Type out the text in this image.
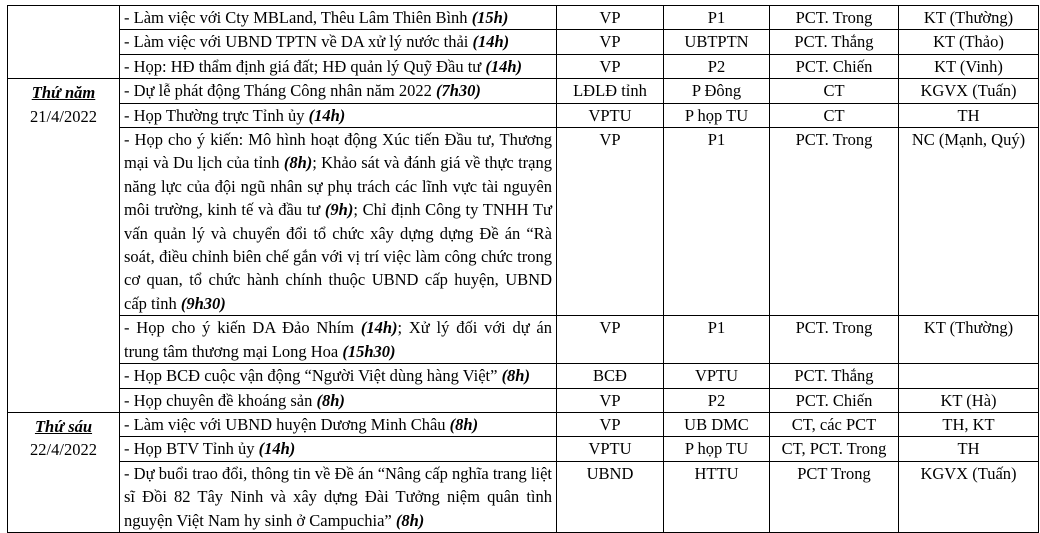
	- Làm việc với Cty MBLand, Thêu Lâm Thiên Bình (15h)	VP	P1	PCT. Trong	KT (Thường)

	- Làm việc với UBND TPTN về DA xử lý nước thải (14h)	VP	UBTPTN	PCT. Thắng	KT (Thảo)

	- Họp: HĐ thẩm định giá đất; HĐ quản lý Quỹ Đầu tư (14h)	VP	P2	PCT. Chiến	KT (Vinh)

Thứ năm
21/4/2022	- Dự lễ phát động Tháng Công nhân năm 2022 (7h30)	LĐLĐ tỉnh	P Đông	CT	KGVX (Tuấn)

	- Họp Thường trực Tỉnh ủy (14h)	VPTU	P họp TU	CT	TH

	- Họp cho ý kiến: Mô hình hoạt động Xúc tiến Đầu tư, Thương mại và Du lịch của tỉnh (8h); Khảo sát và đánh giá về thực trạng năng lực của đội ngũ nhân sự phụ trách các lĩnh vực tài nguyên môi trường, kinh tế và đầu tư (9h); Chỉ định Công ty TNHH Tư vấn quản lý và chuyển đổi tổ chức xây dựng dựng Đề án “Rà soát, điều chỉnh biên chế gắn với vị trí việc làm công chức trong cơ quan, tổ chức hành chính thuộc UBND cấp huyện, UBND cấp tỉnh (9h30)	VP	P1	PCT. Trong	NC (Mạnh, Quý)

	- Họp cho ý kiến DA Đảo Nhím (14h); Xử lý đối với dự án trung tâm thương mại Long Hoa (15h30)	VP	P1	PCT. Trong	KT (Thường)

	- Họp BCĐ cuộc vận động “Người Việt dùng hàng Việt” (8h)	BCĐ	VPTU	PCT. Thắng	

	- Họp chuyên đề khoáng sản (8h)	VP	P2	PCT. Chiến	KT (Hà)

Thứ sáu
22/4/2022	- Làm việc với UBND huyện Dương Minh Châu (8h)	VP	UB DMC	CT, các PCT	TH, KT

	- Họp BTV Tỉnh ủy (14h)	VPTU	P họp TU	CT, PCT. Trong	TH

	- Dự buổi trao đổi, thông tin về Đề án “Nâng cấp nghĩa trang liệt sĩ Đồi 82 Tây Ninh và xây dựng Đài Tưởng niệm quân tình nguyện Việt Nam hy sinh ở Campuchia” (8h)	UBND	HTTU	PCT Trong	KGVX (Tuấn)
